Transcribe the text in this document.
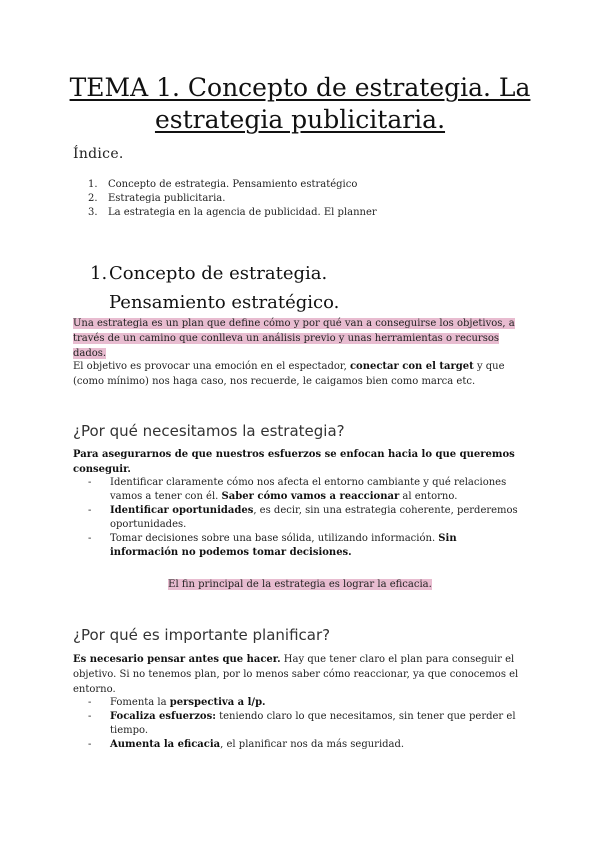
TEMA 1. Concepto de estrategia. La estrategia publicitaria.
Índice.
1.	Concepto de estrategia. Pensamiento estratégico
2.	Estrategia publicitaria.
3.	La estrategia en la agencia de publicidad. El planner
1. Concepto de estrategia. Pensamiento estratégico.

Una estrategia es un plan que define cómo y por qué van a conseguirse los objetivos, a través de un camino que conlleva un análisis previo y unas herramientas o recursos dados.

El objetivo es provocar una emoción en el espectador, conectar con el target y que (como mínimo) nos haga caso, nos recuerde, le caigamos bien como marca etc.

¿Por qué necesitamos la estrategia?

Para asegurarnos de que nuestros esfuerzos se enfocan hacia lo que queremos conseguir.

- Identificar claramente cómo nos afecta el entorno cambiante y qué relaciones vamos a tener con él. Saber cómo vamos a reaccionar al entorno.
- Identificar oportunidades, es decir, sin una estrategia coherente, perderemos oportunidades.
- Tomar decisiones sobre una base sólida, utilizando información. Sin información no podemos tomar decisiones.

El fin principal de la estrategia es lograr la eficacia.

¿Por qué es importante planificar?

Es necesario pensar antes que hacer. Hay que tener claro el plan para conseguir el objetivo. Si no tenemos plan, por lo menos saber cómo reaccionar, ya que conocemos el entorno.

- Fomenta la perspectiva a l/p.
- Focaliza esfuerzos: teniendo claro lo que necesitamos, sin tener que perder el tiempo.
- Aumenta la eficacia, el planificar nos da más seguridad.
